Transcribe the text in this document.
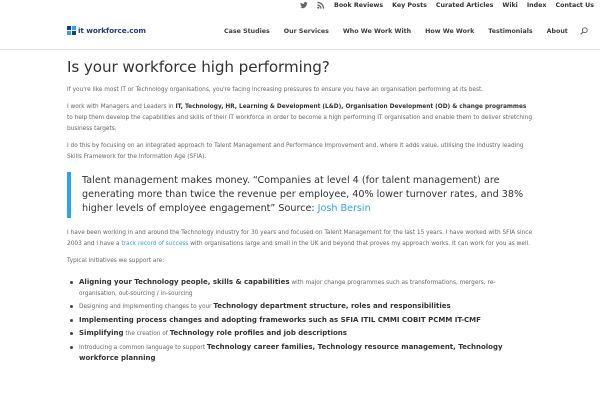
Book Reviews Key Posts Curated Articles Wiki Index Contact Us
it workforce.com	Case Studies Our Services Who We Work With How We Work Testimonials About
Is your workforce high performing?

If you're like most IT or Technology organisations, you're facing increasing pressures to ensure you have an organisation performing at its best.

I work with Managers and Leaders in IT, Technology, HR, Learning & Development (L&D), Organisation Development (OD) & change programmes to help them develop the capabilities and skills of their IT workforce in order to become a high performing IT organisation and enable them to deliver stretching business targets.

I do this by focusing on an integrated approach to Talent Management and Performance Improvement and, where it adds value, utilising the industry leading Skills Framework for the Information Age (SFIA).

Talent management makes money. “Companies at level 4 (for talent management) are generating more than twice the revenue per employee, 40% lower turnover rates, and 38% higher levels of employee engagement” Source: Josh Bersin

I have been working in and around the Technology industry for 30 years and focused on Talent Management for the last 15 years. I have worked with SFIA since 2003 and I have a track record of success with organisations large and small in the UK and beyond that proves my approach works. It can work for you as well.

Typical initiatives we support are:

Aligning your Technology people, skills & capabilities with major change programmes such as transformations, mergers, re-organisation, out-sourcing / in-sourcing
Designing and implementing changes to your Technology department structure, roles and responsibilities
Implementing process changes and adopting frameworks such as SFIA ITIL CMMI COBIT PCMM IT-CMF
Simplifying the creation of Technology role profiles and job descriptions
Introducing a common language to support Technology career families, Technology resource management, Technology workforce planning
